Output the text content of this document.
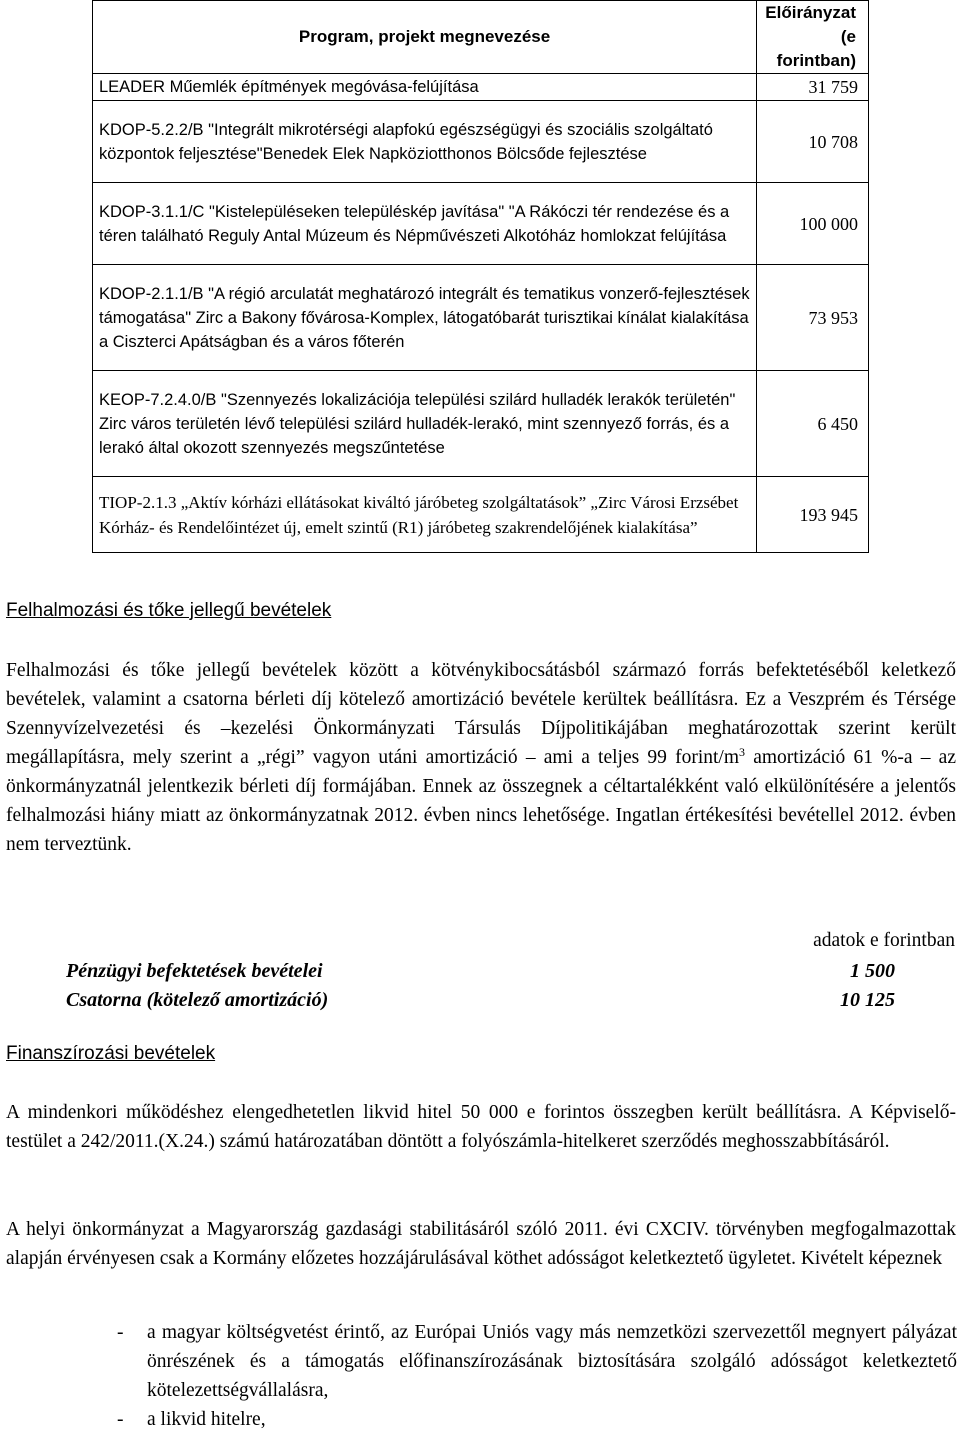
Program, projekt megnevezése	Előirányzat
(e forintban)
LEADER Műemlék építmények megóvása-felújítása	31 759
KDOP-5.2.2/B "Integrált mikrotérségi alapfokú egészségügyi és szociális szolgáltató központok feljesztése"Benedek Elek Napköziotthonos Bölcsőde fejlesztése	10 708
KDOP-3.1.1/C "Kistelepüléseken településkép javítása" "A Rákóczi tér rendezése és a téren található Reguly Antal Múzeum és Népművészeti Alkotóház homlokzat felújítása	100 000
KDOP-2.1.1/B "A régió arculatát meghatározó integrált és tematikus vonzerő-fejlesztések támogatása" Zirc a Bakony fővárosa-Komplex, látogatóbarát turisztikai kínálat kialakítása a Ciszterci Apátságban és a város főterén	73 953
KEOP-7.2.4.0/B "Szennyezés lokalizációja települési szilárd hulladék lerakók területén" Zirc város területén lévő települési szilárd hulladék-lerakó, mint szennyező forrás, és a lerakó által okozott szennyezés megszűntetése	6 450
TIOP-2.1.3 „Aktív kórházi ellátásokat kiváltó járóbeteg szolgáltatások” „Zirc Városi Erzsébet Kórház- és Rendelőintézet új, emelt szintű (R1) járóbeteg szakrendelőjének kialakítása”	193 945
Felhalmozási és tőke jellegű bevételek
Felhalmozási és tőke jellegű bevételek között a kötvénykibocsátásból származó forrás befektetéséből keletkező bevételek, valamint a csatorna bérleti díj kötelező amortizáció bevétele kerültek beállításra. Ez a Veszprém és Térsége Szennyvízelvezetési és –kezelési Önkormányzati Társulás Díjpolitikájában meghatározottak szerint került megállapításra, mely szerint a „régi” vagyon utáni amortizáció – ami a teljes 99 forint/$m^3$ amortizáció 61 %-a – az önkormányzatnál jelentkezik bérleti díj formájában. Ennek az összegnek a céltartalékként való elkülönítésére a jelentős felhalmozási hiány miatt az önkormányzatnak 2012. évben nincs lehetősége. Ingatlan értékesítési bevétellel 2012. évben nem terveztünk.
adatok e forintban
Pénzügyi befektetések bevételei	1 500
Csatorna (kötelező amortizáció)	10 125
Finanszírozási bevételek
A mindenkori működéshez elengedhetetlen likvid hitel 50 000 e forintos összegben került beállításra. A Képviselő-testület a 242/2011.(X.24.) számú határozatában döntött a folyószámla-hitelkeret szerződés meghosszabbításáról.
A helyi önkormányzat a Magyarország gazdasági stabilitásáról szóló 2011. évi CXCIV. törvényben megfogalmazottak alapján érvényesen csak a Kormány előzetes hozzájárulásával köthet adósságot keletkeztető ügyletet. Kivételt képeznek
- a magyar költségvetést érintő, az Európai Uniós vagy más nemzetközi szervezettől megnyert pályázat önrészének és a támogatás előfinanszírozásának biztosítására szolgáló adósságot keletkeztető kötelezettségvállalásra,
- a likvid hitelre,
